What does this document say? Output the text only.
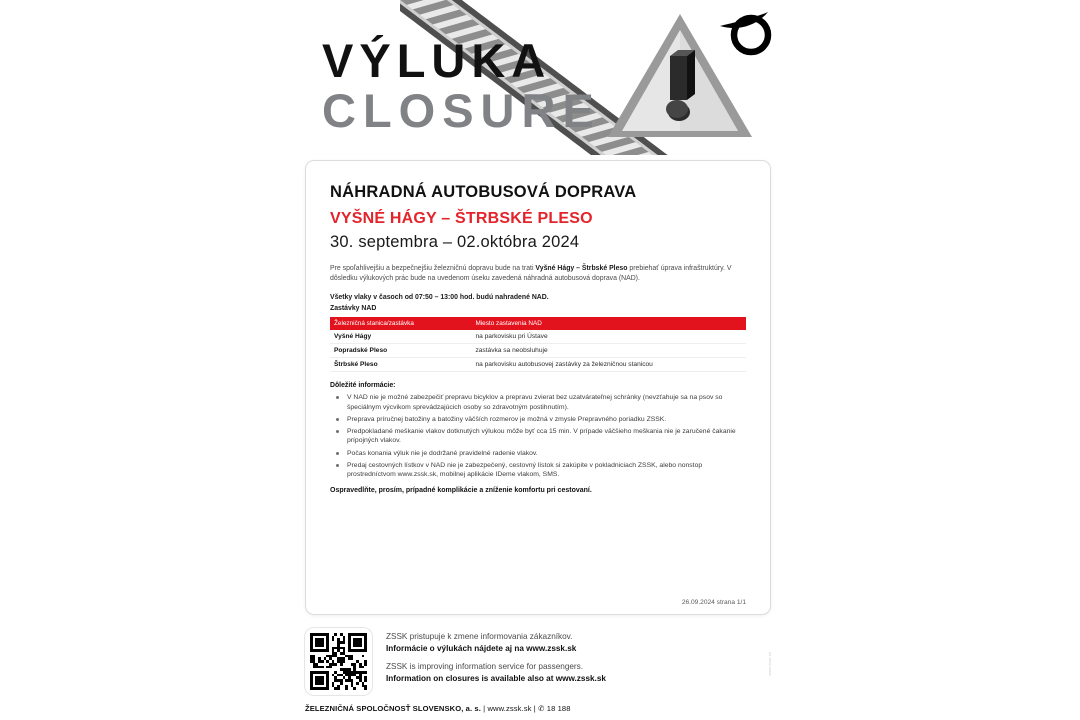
VÝLUKA
CLOSURE
NÁHRADNÁ AUTOBUSOVÁ DOPRAVA
VYŠNÉ HÁGY – ŠTRBSKÉ PLESO
30. septembra – 02.októbra 2024

Pre spoľahlivejšiu a bezpečnejšiu železničnú dopravu bude na trati Vyšné Hágy – Štrbské Pleso prebiehať úprava infraštruktúry. V dôsledku výlukových prác bude na uvedenom úseku zavedená náhradná autobusová doprava (NAD).

Všetky vlaky v časoch od 07:50 – 13:00 hod. budú nahradené NAD.
Zastávky NAD
Železničná stanica/zastávka	Miesto zastavenia NAD
Vyšné Hágy	na parkovisku pri Ústave
Popradské Pleso	zastávka sa neobsluhuje
Štrbské Pleso	na parkovisku autobusovej zastávky za železničnou stanicou
Dôležité informácie:
V NAD nie je možné zabezpečiť prepravu bicyklov a prepravu zvierat bez uzatvárateľnej schránky (nevzťahuje sa na psov so špeciálnym výcvikom sprevádzajúcich osoby so zdravotným postihnutím).
Preprava príručnej batožiny a batožiny väčších rozmerov je možná v zmysle Prepravného poriadku ZSSK.
Predpokladané meškanie vlakov dotknutých výlukou môže byť cca 15 min. V prípade väčšieho meškania nie je zaručené čakanie prípojných vlakov.
Počas konania výluk nie je dodržané pravidelné radenie vlakov.
Predaj cestovných lístkov v NAD nie je zabezpečený, cestovný lístok si zakúpite v pokladniciach ZSSK, alebo nonstop prostredníctvom www.zssk.sk, mobilnej aplikácie IDeme vlakom, SMS.
Ospravedlňte, prosím, prípadné komplikácie a zníženie komfortu pri cestovaní.
26.09.2024 strana 1/1
ZSSK pristupuje k zmene informovania zákazníkov.
Informácie o výlukách nájdete aj na www.zssk.sk
ZSSK is improving information service for passengers.
Information on closures is available also at www.zssk.sk
ŽELEZNIČNÁ SPOLOČNOSŤ SLOVENSKO, a. s. | www.zssk.sk | ✆ 18 188
www.zssk.sk
